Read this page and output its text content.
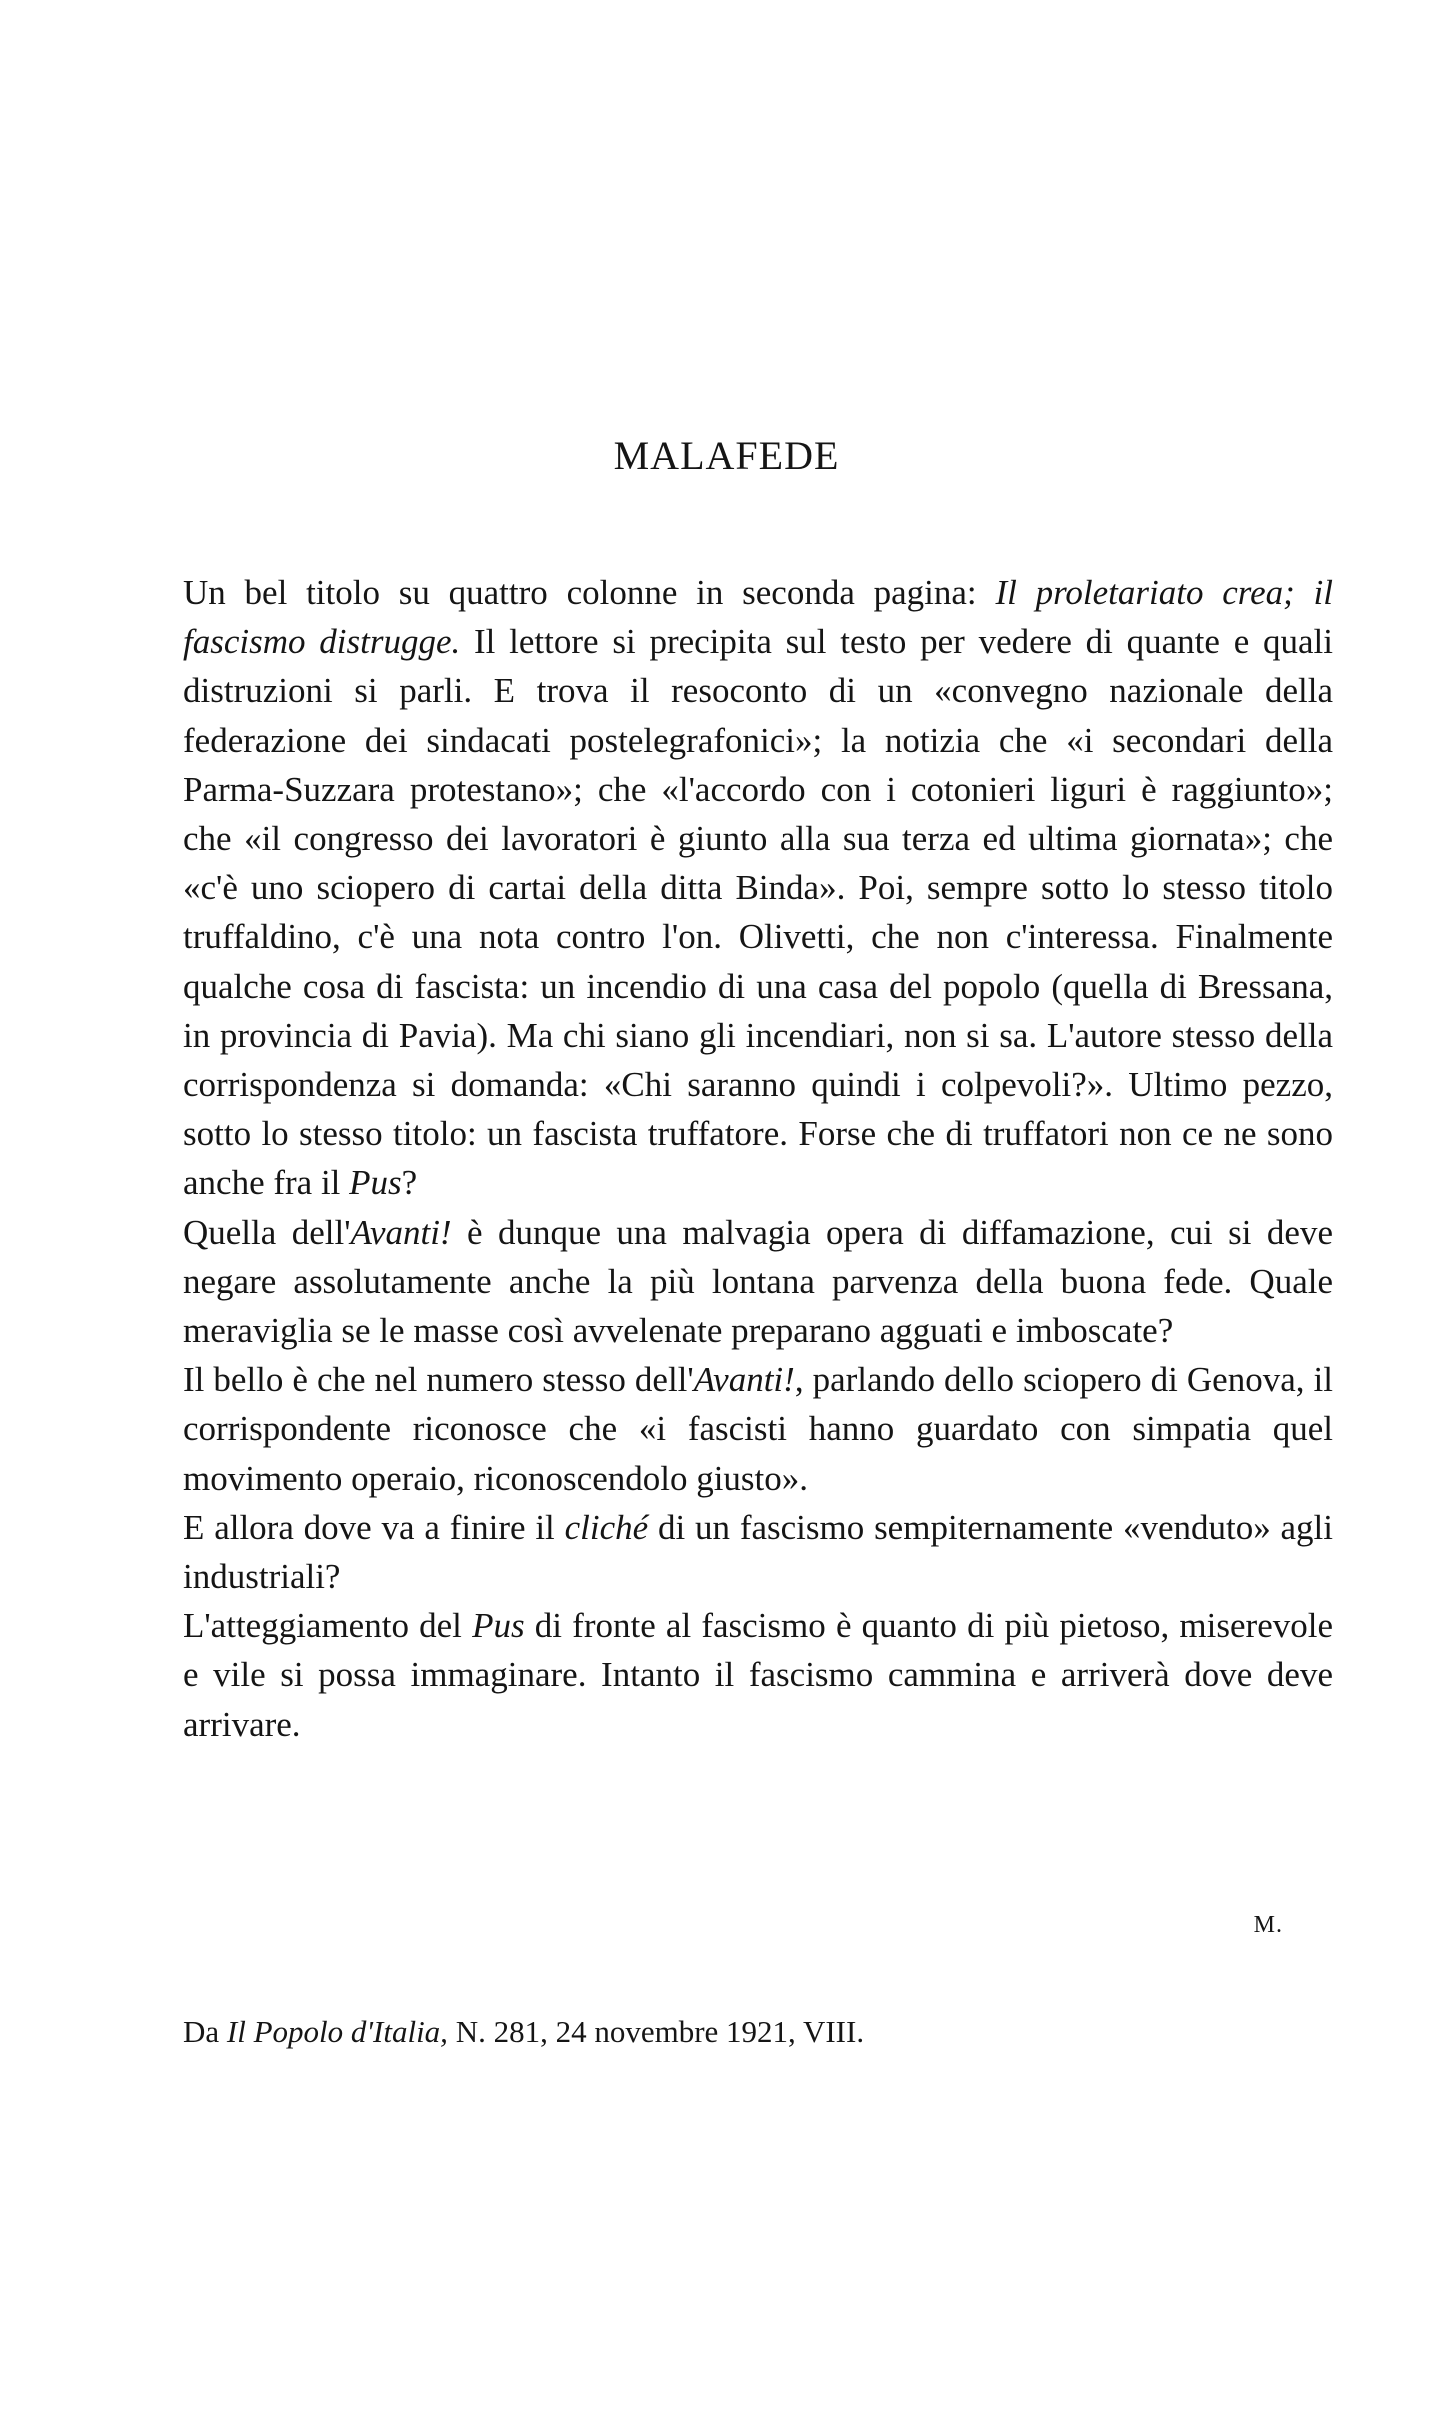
MALAFEDE

Un bel titolo su quattro colonne in seconda pagina: Il proletariato crea; il fascismo distrugge. Il lettore si precipita sul testo per vedere di quante e quali distruzioni si parli. E trova il resoconto di un «convegno nazionale della federazione dei sindacati postelegrafonici»; la notizia che «i secondari della Parma-Suzzara protestano»; che «l'accordo con i cotonieri liguri è raggiunto»; che «il congresso dei lavoratori è giunto alla sua terza ed ultima giornata»; che «c'è uno sciopero di cartai della ditta Binda». Poi, sempre sotto lo stesso titolo truffaldino, c'è una nota contro l'on. Olivetti, che non c'interessa. Finalmente qualche cosa di fascista: un incendio di una casa del popolo (quella di Bressana, in provincia di Pavia). Ma chi siano gli incendiari, non si sa. L'autore stesso della corrispondenza si domanda: «Chi saranno quindi i colpevoli?». Ultimo pezzo, sotto lo stesso titolo: un fascista truffatore. Forse che di truffatori non ce ne sono anche fra il Pus?

Quella dell'Avanti! è dunque una malvagia opera di diffamazione, cui si deve negare assolutamente anche la più lontana parvenza della buona fede. Quale meraviglia se le masse così avvelenate preparano agguati e imboscate?

Il bello è che nel numero stesso dell'Avanti!, parlando dello sciopero di Genova, il corrispondente riconosce che «i fascisti hanno guardato con simpatia quel movimento operaio, riconoscendolo giusto».

E allora dove va a finire il cliché di un fascismo sempiternamente «venduto» agli industriali?

L'atteggiamento del Pus di fronte al fascismo è quanto di più pietoso, miserevole e vile si possa immaginare. Intanto il fascismo cammina e arriverà dove deve arrivare.

M.
Da Il Popolo d'Italia, N. 281, 24 novembre 1921, VIII.
